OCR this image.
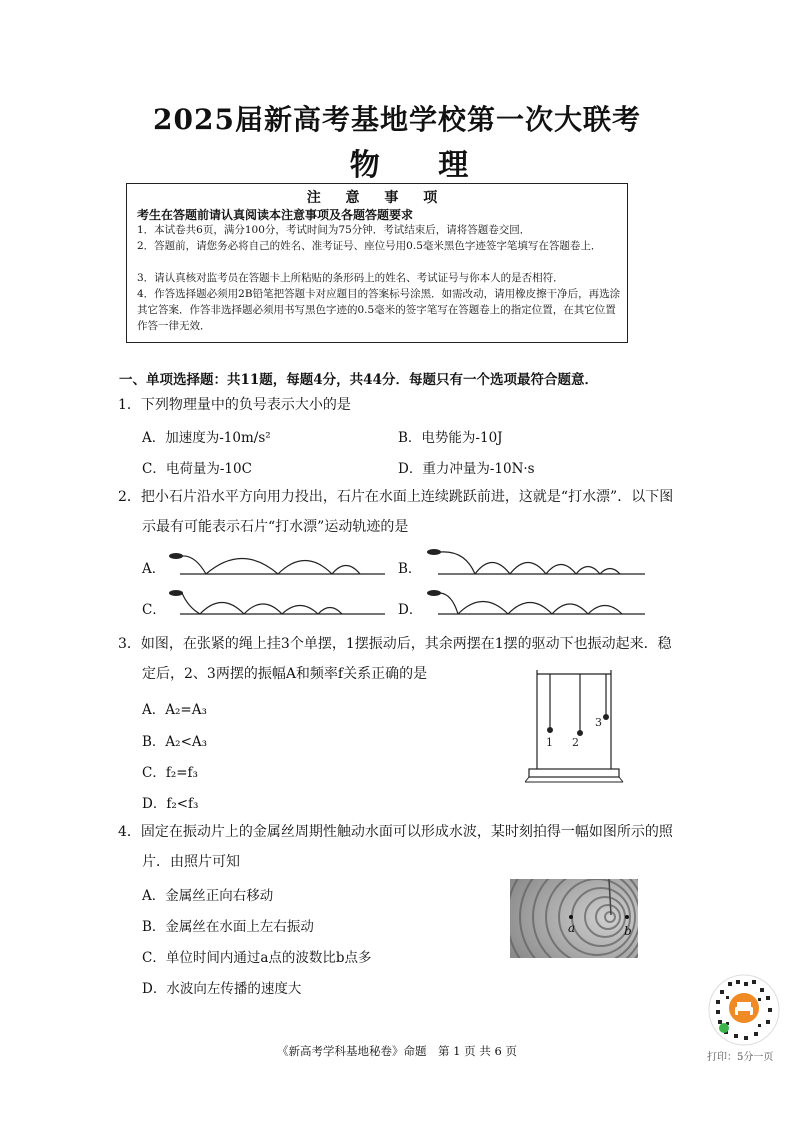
2025届新高考基地学校第一次大联考
物 理
注 意 事 项
考生在答题前请认真阅读本注意事项及各题答题要求
1．本试卷共6页，满分100分，考试时间为75分钟．考试结束后，请将答题卷交回．
2．答题前，请您务必将自己的姓名、准考证号、座位号用0.5毫米黑色字迹签字笔填写在答题卷上．
3．请认真核对监考员在答题卡上所粘贴的条形码上的姓名、考试证号与你本人的是否相符．
4．作答选择题必须用2B铅笔把答题卡对应题目的答案标号涂黑．如需改动，请用橡皮擦干净后，再选涂其它答案．作答非选择题必须用书写黑色字迹的0.5毫米的签字笔写在答题卷上的指定位置，在其它位置作答一律无效．
一、单项选择题：共11题，每题4分，共44分．每题只有一个选项最符合题意．
1．下列物理量中的负号表示大小的是
A．加速度为-10m/s²	B．电势能为-10J
C．电荷量为-10C	D．重力冲量为-10N·s
2．把小石片沿水平方向用力投出，石片在水面上连续跳跃前进，这就是“打水漂”．以下图
示最有可能表示石片“打水漂”运动轨迹的是
A．	B．
C．	D．
3．如图，在张紧的绳上挂3个单摆，1摆振动后，其余两摆在1摆的驱动下也振动起来．稳
定后，2、3两摆的振幅A和频率f关系正确的是
A．A₂=A₃
B．A₂<A₃
C．f₂=f₃
D．f₂<f₃
1 2
3
4．固定在振动片上的金属丝周期性触动水面可以形成水波，某时刻拍得一幅如图所示的照
片．由照片可知
A．金属丝正向右移动
B．金属丝在水面上左右振动
C．单位时间内通过a点的波数比b点多
D．水波向左传播的速度大
a	b
打印：5分一页
《新高考学科基地秘卷》命题　第 1 页 共 6 页
